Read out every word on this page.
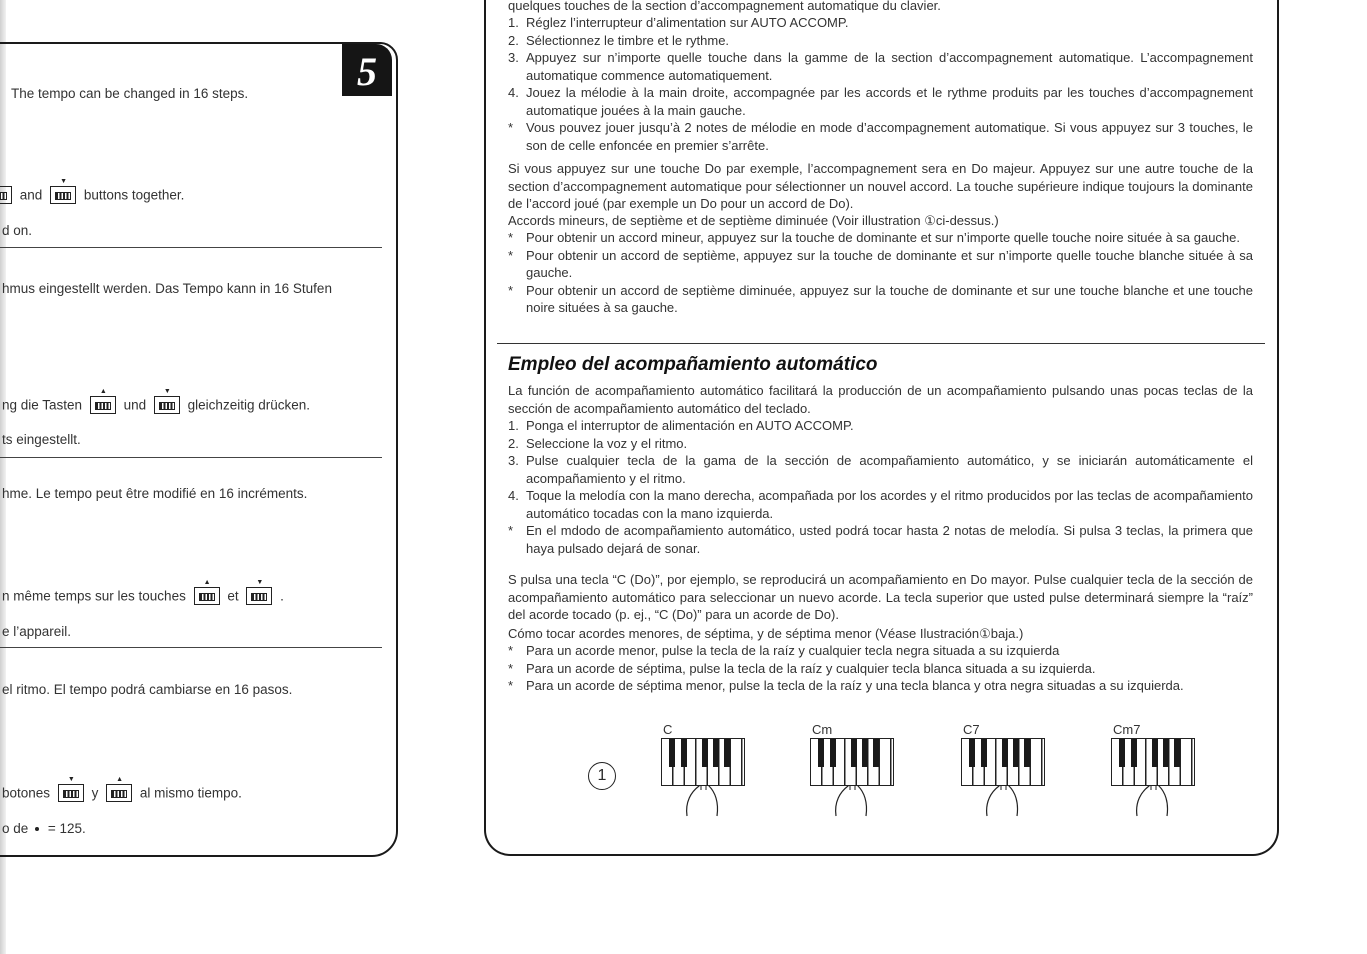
5
The tempo can be changed in 16 steps.
and
▼
buttons together.
d on.
hmus eingestellt werden. Das Tempo kann in 16 Stufen
ng die Tasten
▲
und
▼
gleichzeitig drücken.
ts eingestellt.
hme. Le tempo peut être modifié en 16 incréments.
n même temps sur les touches
▲
et
▼
.
e l’appareil.
el ritmo. El tempo podrá cambiarse en 16 pasos.
botones
▼
y
▲
al mismo tiempo.
o de = 125.

quelques touches de la section d’accompagnement automatique du clavier.

1. Réglez l’interrupteur d’alimentation sur AUTO ACCOMP.
2. Sélectionnez le timbre et le rythme.
3. Appuyez sur n’importe quelle touche dans la gamme de la section d’accompagnement automatique. L’accompagnement automatique commence automatiquement.
4. Jouez la mélodie à la main droite, accompagnée par les accords et le rythme produits par les touches d’accompagnement automatique jouées à la main gauche.
* Vous pouvez jouer jusqu’à 2 notes de mélodie en mode d’accompagnement automatique. Si vous appuyez sur 3 touches, le son de celle enfoncée en premier s’arrête.

Si vous appuyez sur une touche Do par exemple, l’accompagnement sera en Do majeur. Appuyez sur une autre touche de la section d’accompagnement automatique pour sélectionner un nouvel accord. La touche supérieure indique toujours la dominante de l’accord joué (par exemple un Do pour un accord de Do).

Accords mineurs, de septième et de septième diminuée (Voir illustration ①ci-dessus.)

* Pour obtenir un accord mineur, appuyez sur la touche de dominante et sur n’importe quelle touche noire située à sa gauche.
* Pour obtenir un accord de septième, appuyez sur la touche de dominante et sur n’importe quelle touche blanche située à sa gauche.
* Pour obtenir un accord de septième diminuée, appuyez sur la touche de dominante et sur une touche blanche et une touche noire situées à sa gauche.
Empleo del acompañamiento automático

La función de acompañamiento automático facilitará la producción de un acompañamiento pulsando unas pocas teclas de la sección de acompañamiento automático del teclado.

1. Ponga el interruptor de alimentación en AUTO ACCOMP.
2. Seleccione la voz y el ritmo.
3. Pulse cualquier tecla de la gama de la sección de acompañamiento automático, y se iniciarán automáticamente el acompañamiento y el ritmo.
4. Toque la melodía con la mano derecha, acompañada por los acordes y el ritmo producidos por las teclas de acompañamiento automático tocadas con la mano izquierda.
* En el mdodo de acompañamiento automático, usted podrá tocar hasta 2 notas de melodía. Si pulsa 3 teclas, la primera que haya pulsado dejará de sonar.

S pulsa una tecla “C (Do)”, por ejemplo, se reproducirá un acompañamiento en Do mayor. Pulse cualquier tecla de la sección de acompañamiento automático para seleccionar un nuevo acorde. La tecla superior que usted pulse determinará siempre la “raíz” del acorde tocado (p. ej., “C (Do)” para un acorde de Do).

Cómo tocar acordes menores, de séptima, y de séptima menor (Véase Ilustración①baja.)

* Para un acorde menor, pulse la tecla de la raíz y cualquier tecla negra situada a su izquierda
* Para un acorde de séptima, pulse la tecla de la raíz y cualquier tecla blanca situada a su izquierda.
* Para un acorde de séptima menor, pulse la tecla de la raíz y una tecla blanca y otra negra situadas a su izquierda.
1
C	Cm	C7	Cm7
